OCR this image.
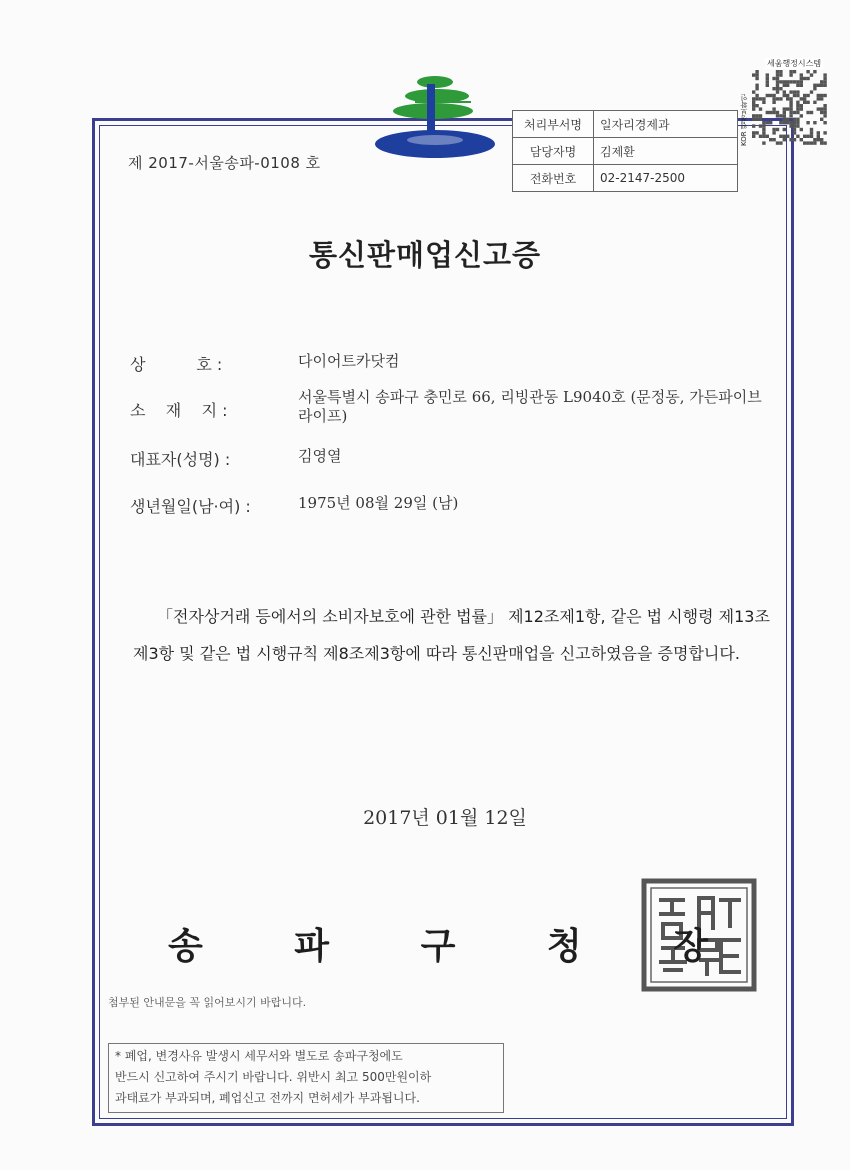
제 2017-서울송파-0108 호
처리부서명	일자리경제과
담당자명	김제환
전화번호	02-2147-2500
세움행정시스템
KOR 웹정보확인
통신판매업신고증
상          호 :	다이어트카닷컴
소    재    지 :
서울특별시 송파구 충민로 66, 리빙관동 L9040호 (문정동, 가든파이브라이프)
대표자(성명) :	김영열
생년월일(남·여) :	1975년 08월 29일 (남)
「전자상거래 등에서의 소비자보호에 관한 법률」 제12조제1항, 같은 법 시행령 제13조제3항 및 같은 법 시행규칙 제8조제3항에 따라 통신판매업을 신고하였음을 증명합니다.
2017년 01월 12일
송	파	구	청	장
첨부된 안내문을 꼭 읽어보시기 바랍니다.
* 폐업, 변경사유 발생시 세무서와 별도로 송파구청에도
반드시 신고하여 주시기 바랍니다. 위반시 최고 500만원이하
과태료가 부과되며, 폐업신고 전까지 면허세가 부과됩니다.
